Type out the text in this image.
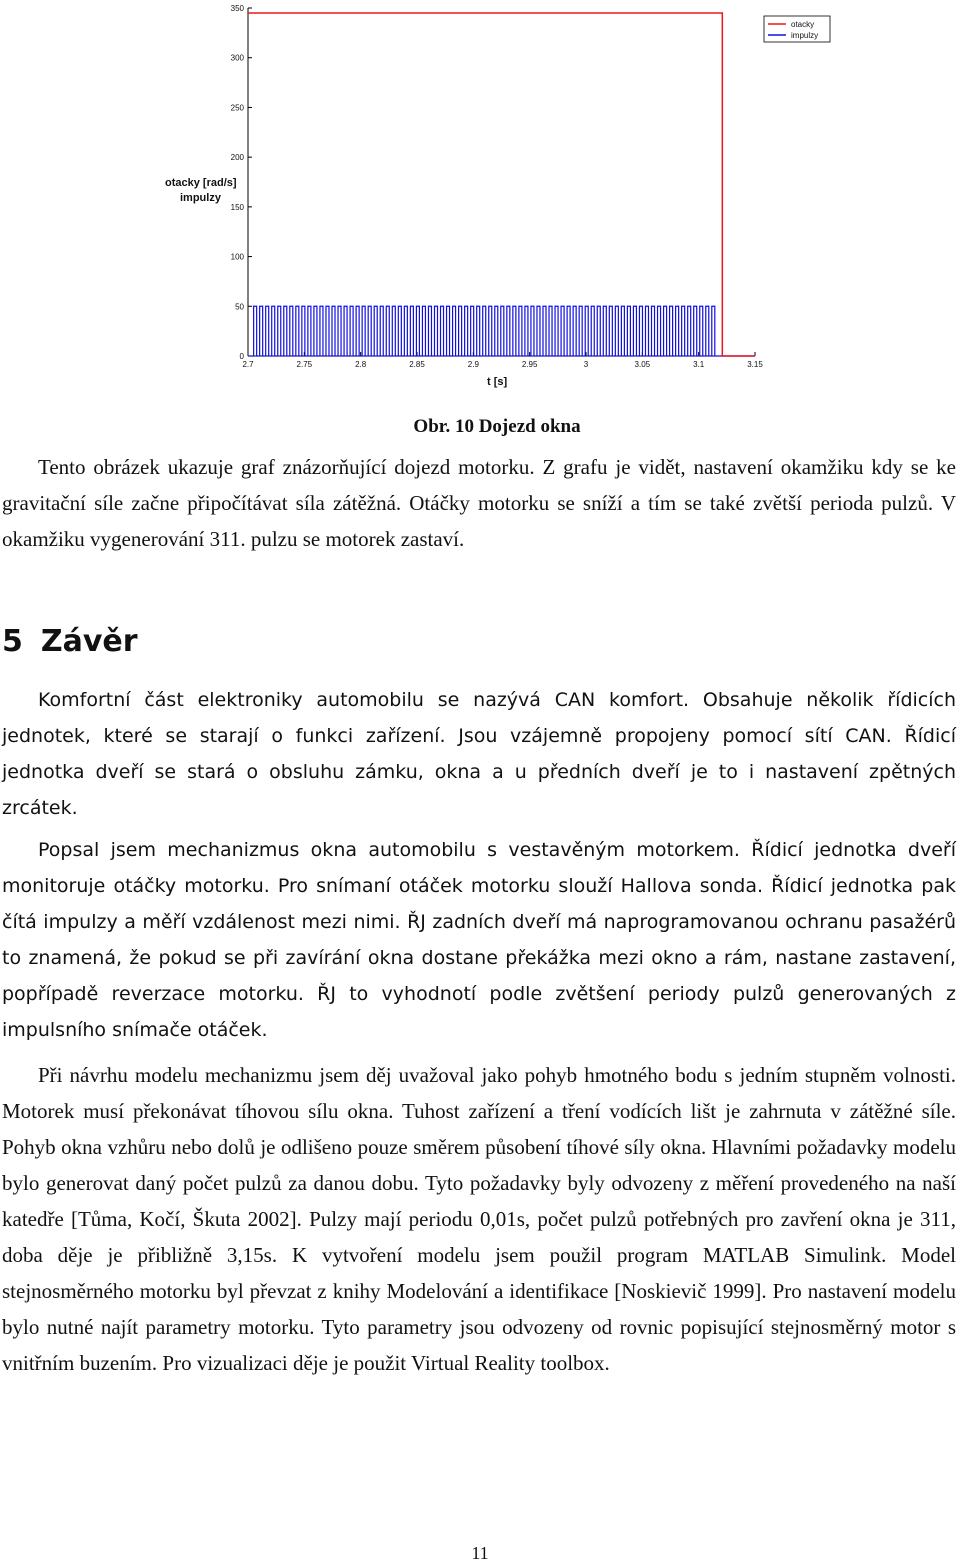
0
50
100
150
200
250
300
350
2.7	2.75	2.8	2.85	2.9	2.95	3	3.05	3.1	3.15
otacky
impulzy
otacky [rad/s]
impulzy
t [s]
Obr. 10 Dojezd okna

Tento obrázek ukazuje graf znázorňující dojezd motorku. Z grafu je vidět, nastavení okamžiku kdy se ke gravitační síle začne připočítávat síla zátěžná. Otáčky motorku se sníží a tím se také zvětší perioda pulzů. V okamžiku vygenerování 311. pulzu se motorek zastaví.

5 Závěr

Komfortní část elektroniky automobilu se nazývá CAN komfort. Obsahuje několik řídicích jednotek, které se starají o funkci zařízení. Jsou vzájemně propojeny pomocí sítí CAN. Řídicí jednotka dveří se stará o obsluhu zámku, okna a u předních dveří je to i nastavení zpětných zrcátek.

Popsal jsem mechanizmus okna automobilu s vestavěným motorkem. Řídicí jednotka dveří monitoruje otáčky motorku. Pro snímaní otáček motorku slouží Hallova sonda. Řídicí jednotka pak čítá impulzy a měří vzdálenost mezi nimi. ŘJ zadních dveří má naprogramovanou ochranu pasažérů to znamená, že pokud se při zavírání okna dostane překážka mezi okno a rám, nastane zastavení, popřípadě reverzace motorku. ŘJ to vyhodnotí podle zvětšení periody pulzů generovaných z impulsního snímače otáček.

Při návrhu modelu mechanizmu jsem děj uvažoval jako pohyb hmotného bodu s jedním stupněm volnosti. Motorek musí překonávat tíhovou sílu okna. Tuhost zařízení a tření vodících lišt je zahrnuta v zátěžné síle. Pohyb okna vzhůru nebo dolů je odlišeno pouze směrem působení tíhové síly okna. Hlavními požadavky modelu bylo generovat daný počet pulzů za danou dobu. Tyto požadavky byly odvozeny z měření provedeného na naší katedře [Tůma, Kočí, Škuta 2002]. Pulzy mají periodu 0,01s, počet pulzů potřebných pro zavření okna je 311, doba děje je přibližně 3,15s. K vytvoření modelu jsem použil program MATLAB Simulink. Model stejnosměrného motorku byl převzat z knihy Modelování a identifikace [Noskievič 1999]. Pro nastavení modelu bylo nutné najít parametry motorku. Tyto parametry jsou odvozeny od rovnic popisující stejnosměrný motor s vnitřním buzením. Pro vizualizaci děje je použit Virtual Reality toolbox.

11
